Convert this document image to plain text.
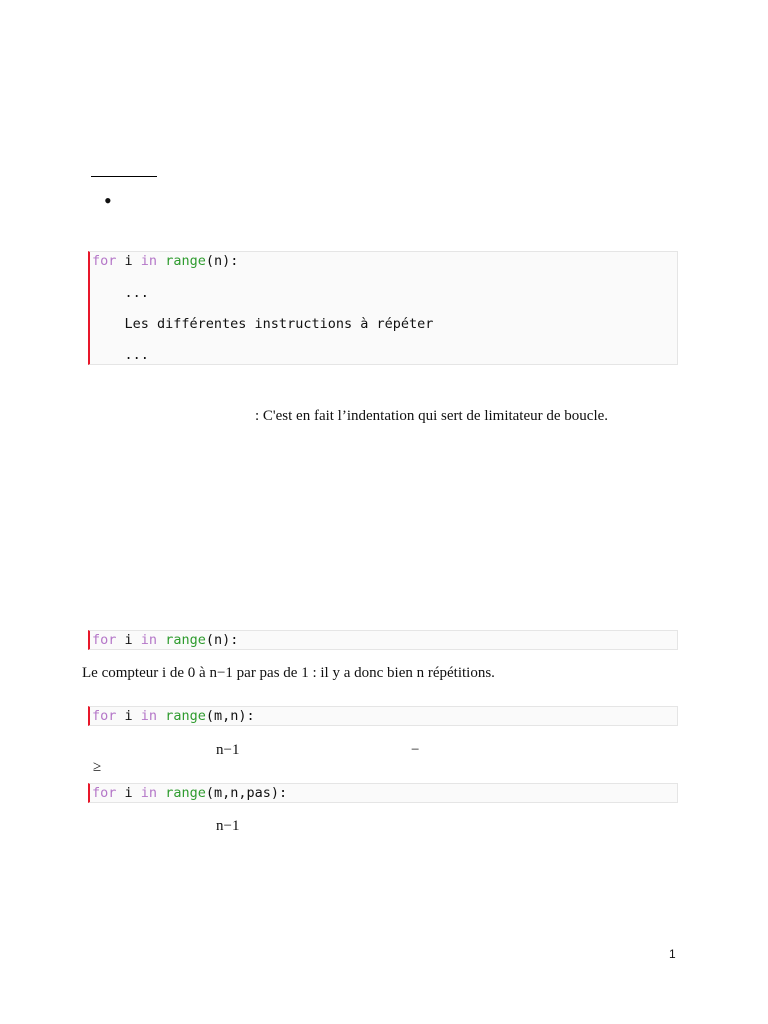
•
for i in range(n):
...
Les différentes instructions à répéter
...
: C'est en fait l’indentation qui sert de limitateur de boucle.
for i in range(n):
Le compteur i de 0 à n−1 par pas de 1 : il y a donc bien n répétitions.
for i in range(m,n):
n−1	−
≥
for i in range(m,n,pas):
n−1
1
